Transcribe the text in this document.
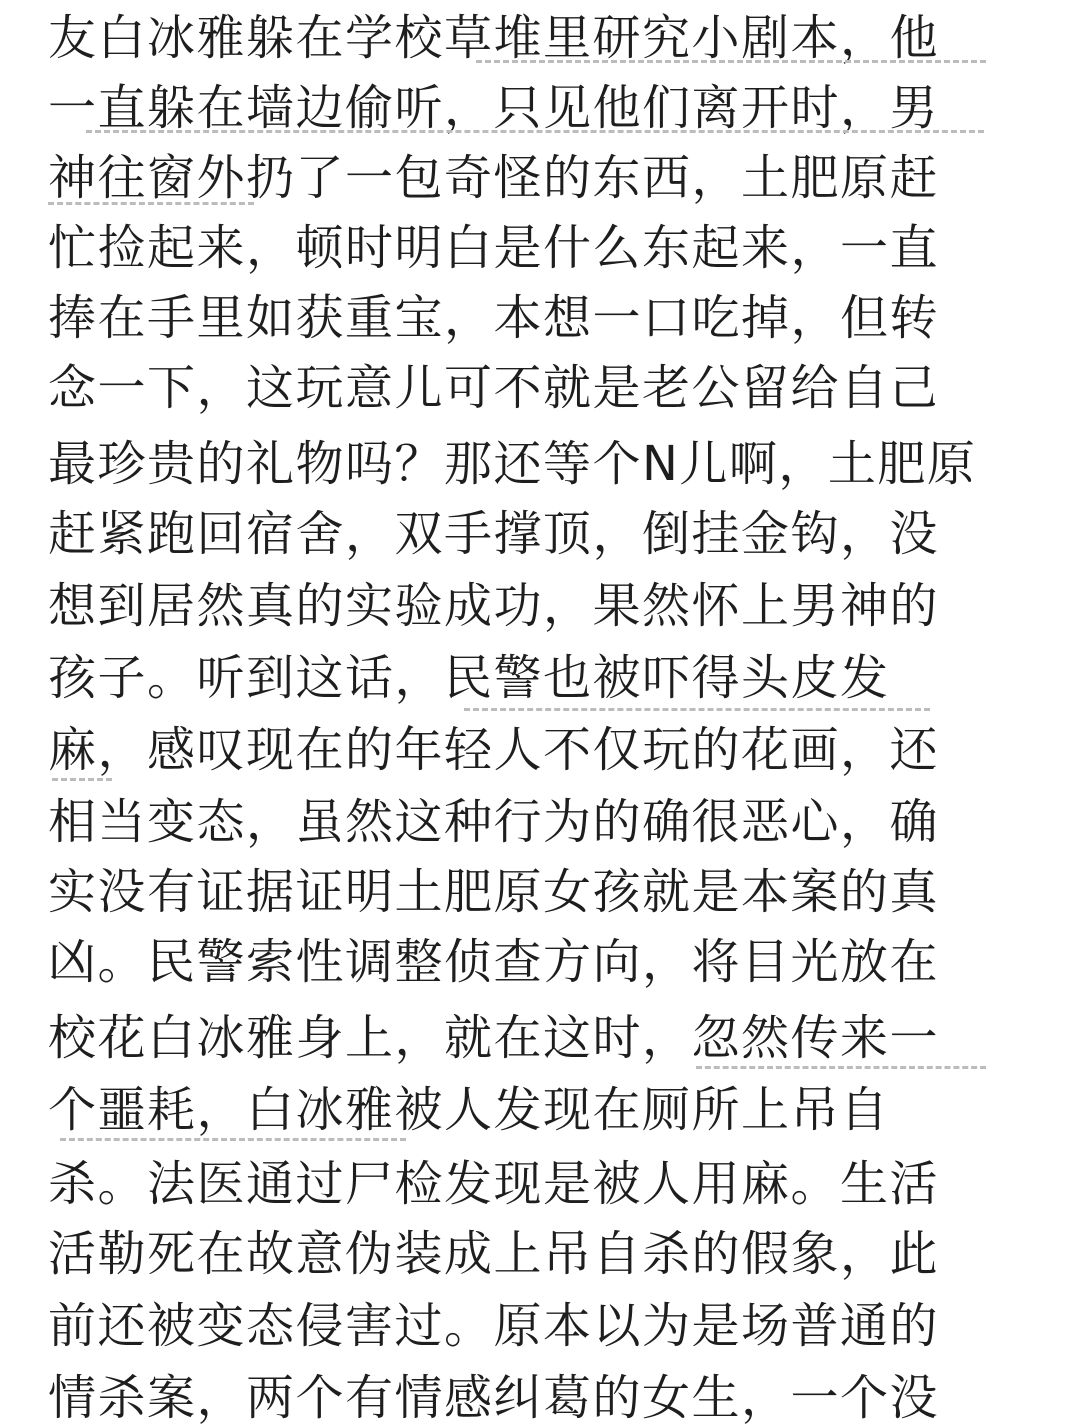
友白冰雅躲在学校草堆里研究小剧本，他
一直躲在墙边偷听，只见他们离开时，男
神往窗外扔了一包奇怪的东西，土肥原赶
忙捡起来，顿时明白是什么东起来，一直
捧在手里如获重宝，本想一口吃掉，但转
念一下，这玩意儿可不就是老公留给自己
最珍贵的礼物吗？那还等个N儿啊，土肥原
赶紧跑回宿舍，双手撑顶，倒挂金钩，没
想到居然真的实验成功，果然怀上男神的
孩子。听到这话，民警也被吓得头皮发
麻，感叹现在的年轻人不仅玩的花画，还
相当变态，虽然这种行为的确很恶心，确
实没有证据证明土肥原女孩就是本案的真
凶。民警索性调整侦查方向，将目光放在
校花白冰雅身上，就在这时，忽然传来一
个噩耗，白冰雅被人发现在厕所上吊自
杀。法医通过尸检发现是被人用麻。生活
活勒死在故意伪装成上吊自杀的假象，此
前还被变态侵害过。原本以为是场普通的
情杀案，两个有情感纠葛的女生，一个没
